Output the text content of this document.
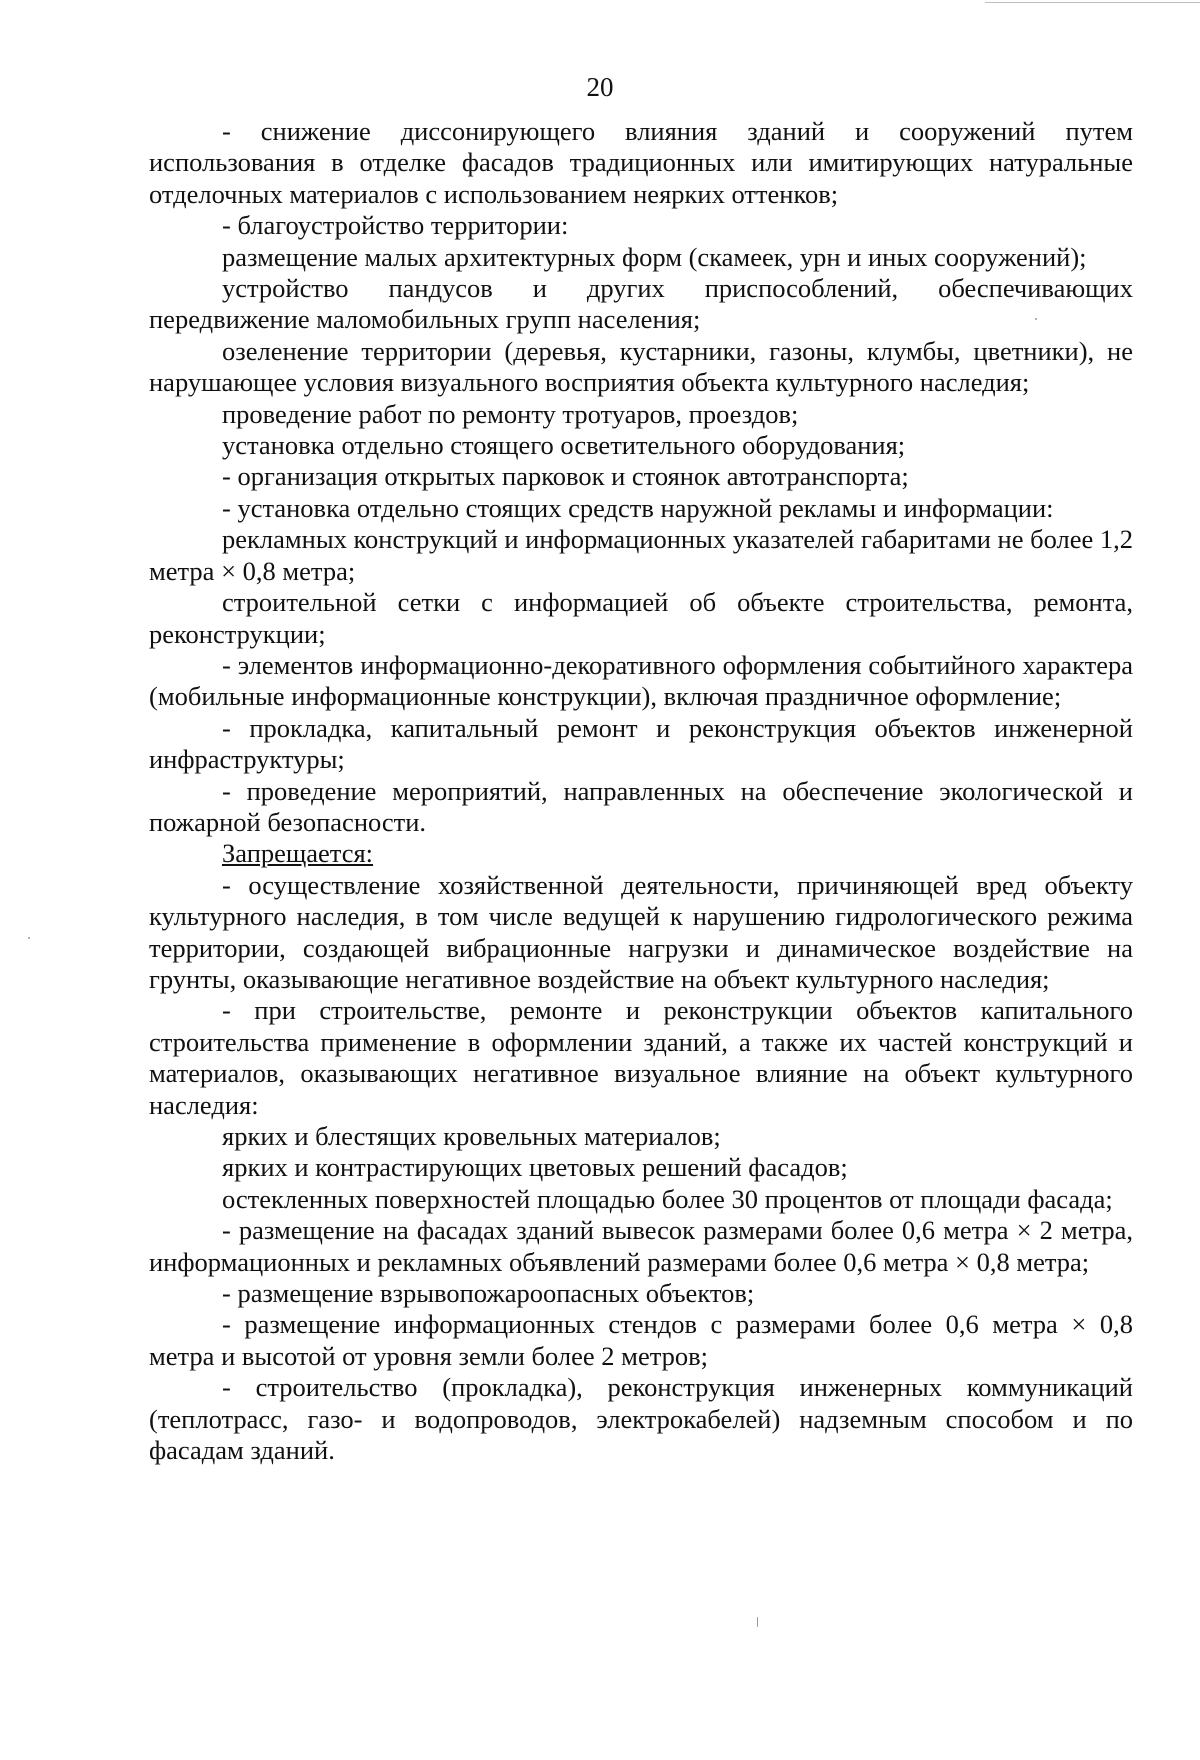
20

- снижение диссонирующего влияния зданий и сооружений путем использования в отделке фасадов традиционных или имитирующих натуральные отделочных материалов с использованием неярких оттенков;

- благоустройство территории:

размещение малых архитектурных форм (скамеек, урн и иных сооружений);

устройство пандусов и других приспособлений, обеспечивающих передвижение маломобильных групп населения;

озеленение территории (деревья, кустарники, газоны, клумбы, цветники), не нарушающее условия визуального восприятия объекта культурного наследия;

проведение работ по ремонту тротуаров, проездов;

установка отдельно стоящего осветительного оборудования;

- организация открытых парковок и стоянок автотранспорта;

- установка отдельно стоящих средств наружной рекламы и информации:

рекламных конструкций и информационных указателей габаритами не более 1,2 метра × 0,8 метра;

строительной сетки с информацией об объекте строительства, ремонта, реконструкции;

- элементов информационно-декоративного оформления событийного характера (мобильные информационные конструкции), включая праздничное оформление;

- прокладка, капитальный ремонт и реконструкция объектов инженерной инфраструктуры;

- проведение мероприятий, направленных на обеспечение экологической и пожарной безопасности.

Запрещается:

- осуществление хозяйственной деятельности, причиняющей вред объекту культурного наследия, в том числе ведущей к нарушению гидрологического режима территории, создающей вибрационные нагрузки и динамическое воздействие на грунты, оказывающие негативное воздействие на объект культурного наследия;

- при строительстве, ремонте и реконструкции объектов капитального строительства применение в оформлении зданий, а также их частей конструкций и материалов, оказывающих негативное визуальное влияние на объект культурного наследия:

ярких и блестящих кровельных материалов;

ярких и контрастирующих цветовых решений фасадов;

остекленных поверхностей площадью более 30 процентов от площади фасада;

- размещение на фасадах зданий вывесок размерами более 0,6 метра × 2 метра, информационных и рекламных объявлений размерами более 0,6 метра × 0,8 метра;

- размещение взрывопожароопасных объектов;

- размещение информационных стендов с размерами более 0,6 метра × 0,8 метра и высотой от уровня земли более 2 метров;

- строительство (прокладка), реконструкция инженерных коммуникаций (теплотрасс, газо- и водопроводов, электрокабелей) надземным способом и по фасадам зданий.
